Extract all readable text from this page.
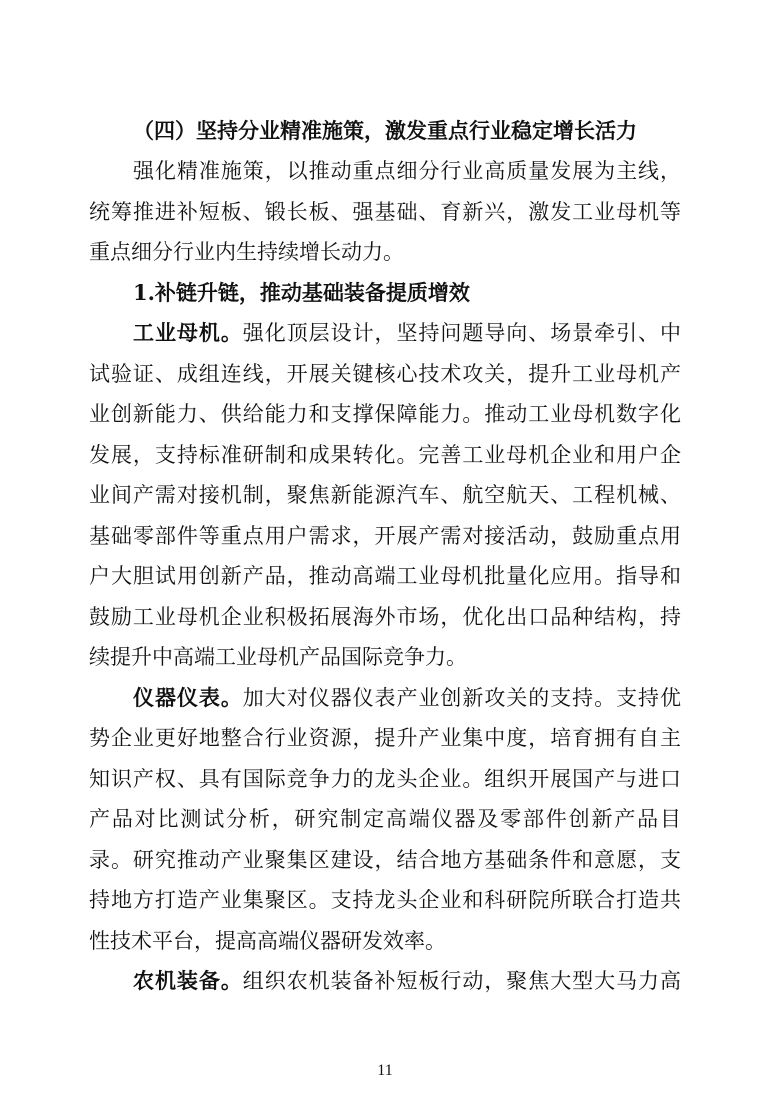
（四）坚持分业精准施策，激发重点行业稳定增长活力
强化精准施策，以推动重点细分行业高质量发展为主线，
统筹推进补短板、锻长板、强基础、育新兴，激发工业母机等
重点细分行业内生持续增长动力。
1.补链升链，推动基础装备提质增效
工业母机。强化顶层设计，坚持问题导向、场景牵引、中
试验证、成组连线，开展关键核心技术攻关，提升工业母机产
业创新能力、供给能力和支撑保障能力。推动工业母机数字化
发展，支持标准研制和成果转化。完善工业母机企业和用户企
业间产需对接机制，聚焦新能源汽车、航空航天、工程机械、
基础零部件等重点用户需求，开展产需对接活动，鼓励重点用
户大胆试用创新产品，推动高端工业母机批量化应用。指导和
鼓励工业母机企业积极拓展海外市场，优化出口品种结构，持
续提升中高端工业母机产品国际竞争力。
仪器仪表。加大对仪器仪表产业创新攻关的支持。支持优
势企业更好地整合行业资源，提升产业集中度，培育拥有自主
知识产权、具有国际竞争力的龙头企业。组织开展国产与进口
产品对比测试分析，研究制定高端仪器及零部件创新产品目
录。研究推动产业聚集区建设，结合地方基础条件和意愿，支
持地方打造产业集聚区。支持龙头企业和科研院所联合打造共
性技术平台，提高高端仪器研发效率。
农机装备。组织农机装备补短板行动，聚焦大型大马力高
11
